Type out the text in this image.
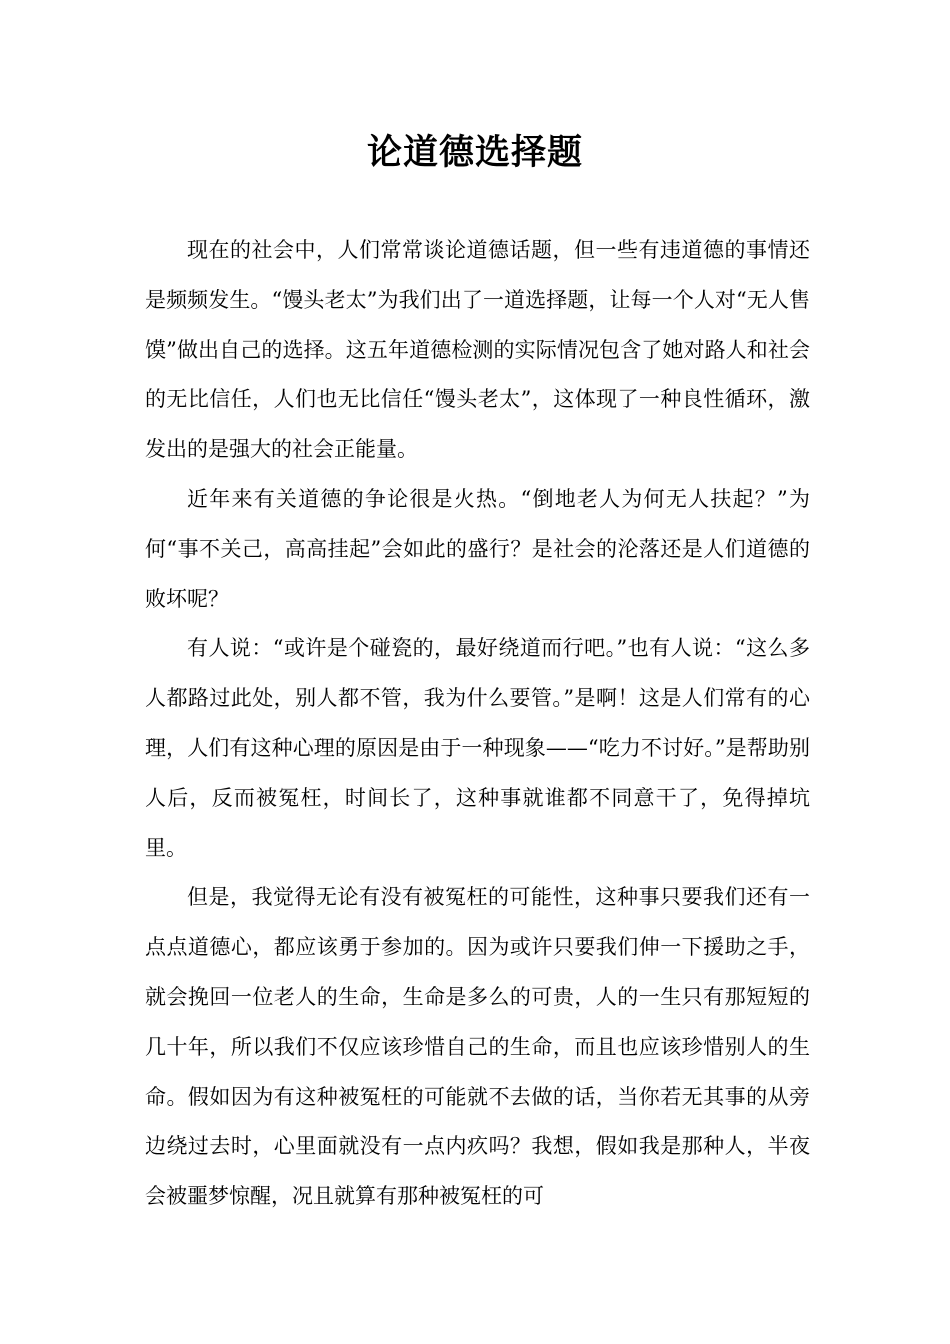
论道德选择题

现在的社会中，人们常常谈论道德话题，但一些有违道德的事情还是频频发生。“馒头老太”为我们出了一道选择题，让每一个人对“无人售馍”做出自己的选择。这五年道德检测的实际情况包含了她对路人和社会的无比信任，人们也无比信任“馒头老太”，这体现了一种良性循环，激发出的是强大的社会正能量。

近年来有关道德的争论很是火热。“倒地老人为何无人扶起？”为何“事不关己，高高挂起”会如此的盛行？是社会的沦落还是人们道德的败坏呢？

有人说：“或许是个碰瓷的，最好绕道而行吧。”也有人说：“这么多人都路过此处，别人都不管，我为什么要管。”是啊！这是人们常有的心理，人们有这种心理的原因是由于一种现象——“吃力不讨好。”是帮助别人后，反而被冤枉，时间长了，这种事就谁都不同意干了，免得掉坑里。

但是，我觉得无论有没有被冤枉的可能性，这种事只要我们还有一点点道德心，都应该勇于参加的。因为或许只要我们伸一下援助之手，就会挽回一位老人的生命，生命是多么的可贵，人的一生只有那短短的几十年，所以我们不仅应该珍惜自己的生命，而且也应该珍惜别人的生命。假如因为有这种被冤枉的可能就不去做的话，当你若无其事的从旁边绕过去时，心里面就没有一点内疚吗？我想，假如我是那种人，半夜会被噩梦惊醒，况且就算有那种被冤枉的可
